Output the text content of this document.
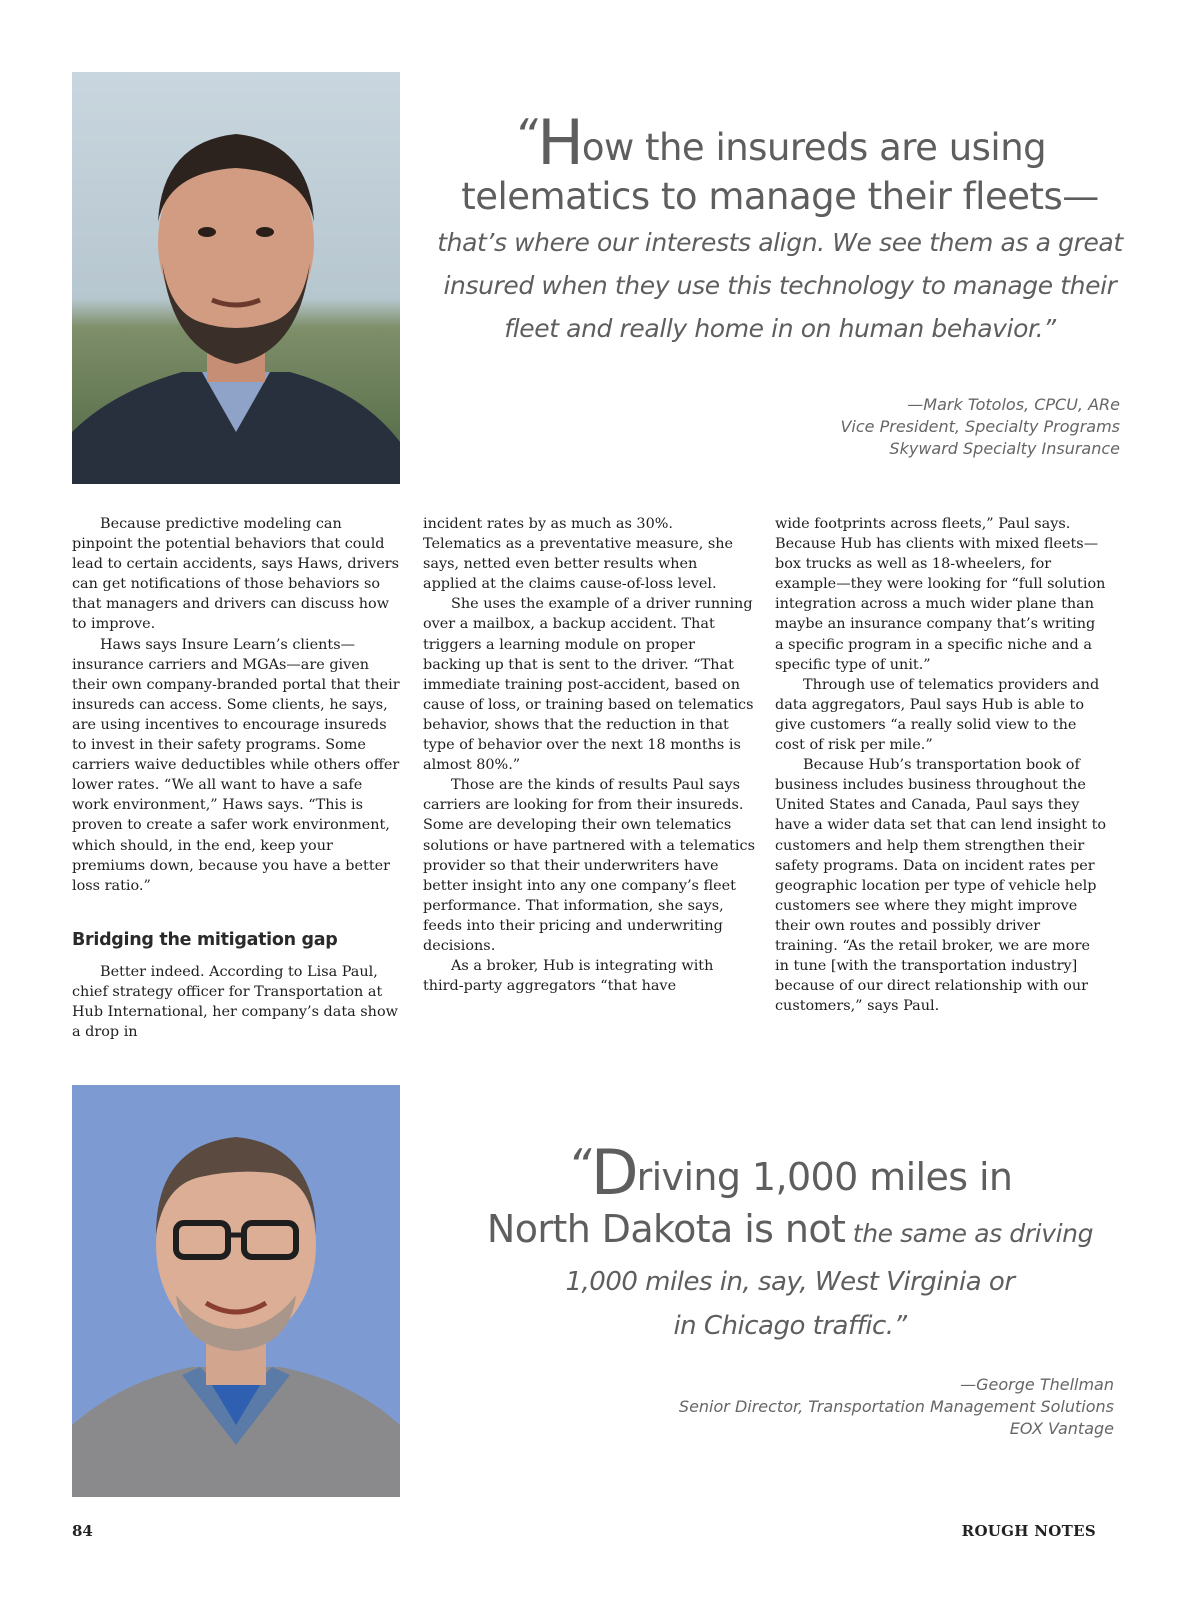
“How the insureds are using
telematics to manage their fleets—
that’s where our interests align. We see them as a great
insured when they use this technology to manage their
fleet and really home in on human behavior.”
—Mark Totolos, CPCU, ARe
Vice President, Specialty Programs
Skyward Specialty Insurance

Because predictive modeling can pinpoint the potential behaviors that could lead to certain accidents, says Haws, drivers can get notifications of those behaviors so that managers and drivers can discuss how to improve.

Haws says Insure Learn’s clients—insurance carriers and MGAs—are given their own company-branded portal that their insureds can access. Some clients, he says, are using incentives to encourage insureds to invest in their safety programs. Some carriers waive deductibles while others offer lower rates. “We all want to have a safe work environment,” Haws says. “This is proven to create a safer work environment, which should, in the end, keep your premiums down, because you have a better loss ratio.”

Bridging the mitigation gap

Better indeed. According to Lisa Paul, chief strategy officer for Transportation at Hub International, her company’s data show a drop in

incident rates by as much as 30%. Telematics as a preventative measure, she says, netted even better results when applied at the claims cause-of-loss level.

She uses the example of a driver running over a mailbox, a backup accident. That triggers a learning module on proper backing up that is sent to the driver. “That immediate training post-accident, based on cause of loss, or training based on telematics behavior, shows that the reduction in that type of behavior over the next 18 months is almost 80%.”

Those are the kinds of results Paul says carriers are looking for from their insureds. Some are developing their own telematics solutions or have partnered with a telematics provider so that their underwriters have better insight into any one company’s fleet performance. That information, she says, feeds into their pricing and underwriting decisions.

As a broker, Hub is integrating with third-party aggregators “that have

wide footprints across fleets,” Paul says. Because Hub has clients with mixed fleets—box trucks as well as 18-wheelers, for example—they were looking for “full solution integration across a much wider plane than maybe an insurance company that’s writing a specific program in a specific niche and a specific type of unit.”

Through use of telematics providers and data aggregators, Paul says Hub is able to give customers “a really solid view to the cost of risk per mile.”

Because Hub’s transportation book of business includes business throughout the United States and Canada, Paul says they have a wider data set that can lend insight to customers and help them strengthen their safety programs. Data on incident rates per geographic location per type of vehicle help customers see where they might improve their own routes and possibly driver training. “As the retail broker, we are more in tune [with the transportation industry] because of our direct relationship with our customers,” says Paul.

“Driving 1,000 miles in
North Dakota is not the same as driving
1,000 miles in, say, West Virginia or
in Chicago traffic.”
—George Thellman
Senior Director, Transportation Management Solutions
EOX Vantage
84	ROUGH NOTES
